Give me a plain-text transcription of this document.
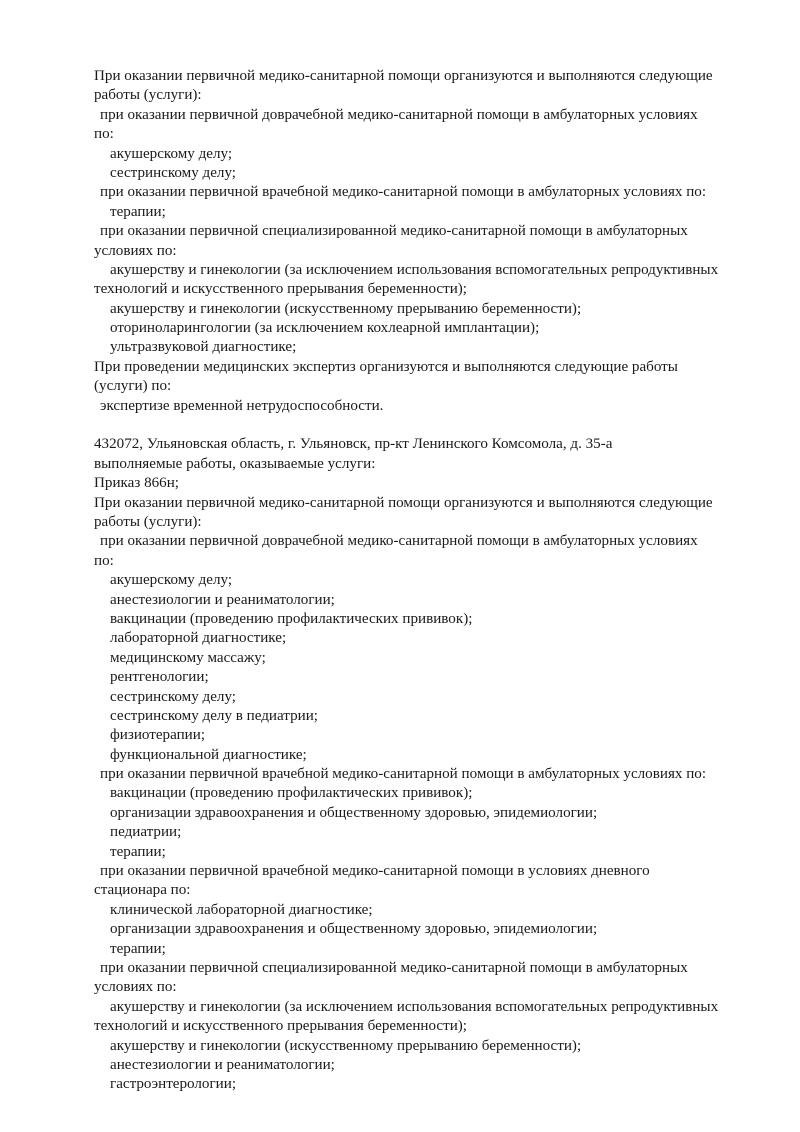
При оказании первичной медико-санитарной помощи организуются и выполняются следующие
работы (услуги):
при оказании первичной доврачебной медико-санитарной помощи в амбулаторных условиях
по:
акушерскому делу;
сестринскому делу;
при оказании первичной врачебной медико-санитарной помощи в амбулаторных условиях по:
терапии;
при оказании первичной специализированной медико-санитарной помощи в амбулаторных
условиях по:
акушерству и гинекологии (за исключением использования вспомогательных репродуктивных
технологий и искусственного прерывания беременности);
акушерству и гинекологии (искусственному прерыванию беременности);
оториноларингологии (за исключением кохлеарной имплантации);
ультразвуковой диагностике;
При проведении медицинских экспертиз организуются и выполняются следующие работы
(услуги) по:
экспертизе временной нетрудоспособности.
432072, Ульяновская область, г. Ульяновск, пр-кт Ленинского Комсомола, д. 35-а
выполняемые работы, оказываемые услуги:
Приказ 866н;
При оказании первичной медико-санитарной помощи организуются и выполняются следующие
работы (услуги):
при оказании первичной доврачебной медико-санитарной помощи в амбулаторных условиях
по:
акушерскому делу;
анестезиологии и реаниматологии;
вакцинации (проведению профилактических прививок);
лабораторной диагностике;
медицинскому массажу;
рентгенологии;
сестринскому делу;
сестринскому делу в педиатрии;
физиотерапии;
функциональной диагностике;
при оказании первичной врачебной медико-санитарной помощи в амбулаторных условиях по:
вакцинации (проведению профилактических прививок);
организации здравоохранения и общественному здоровью, эпидемиологии;
педиатрии;
терапии;
при оказании первичной врачебной медико-санитарной помощи в условиях дневного
стационара по:
клинической лабораторной диагностике;
организации здравоохранения и общественному здоровью, эпидемиологии;
терапии;
при оказании первичной специализированной медико-санитарной помощи в амбулаторных
условиях по:
акушерству и гинекологии (за исключением использования вспомогательных репродуктивных
технологий и искусственного прерывания беременности);
акушерству и гинекологии (искусственному прерыванию беременности);
анестезиологии и реаниматологии;
гастроэнтерологии;
